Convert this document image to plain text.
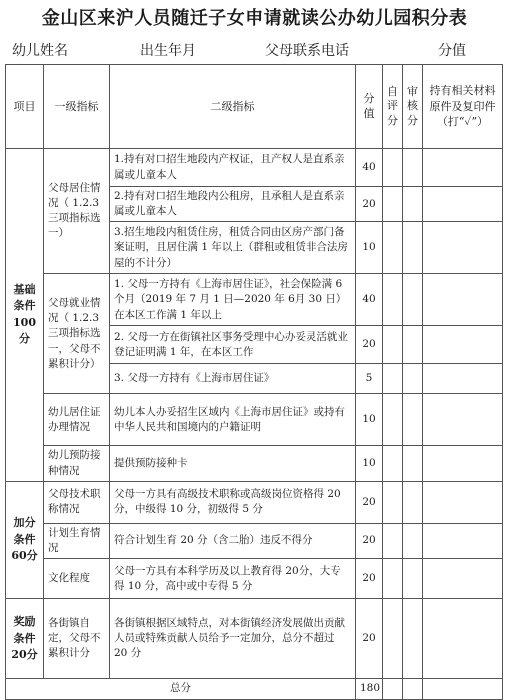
金山区来沪人员随迁子女申请就读公办幼儿园积分表
幼儿姓名	出生年月	父母联系电话	分值
项目	一级指标	二级指标	分值	自评分	审核分	持有相关材料原件及复印件（打“✓”）
基础条件100分	父母居住情况（ 1.2.3三项指标选一）	1.持有对口招生地段内产权证，且产权人是直系亲属或儿童本人	40			
		2.持有对口招生地段内公租房，且承租人是直系亲属或儿童本人	20			
		3.招生地段内租赁住房，租赁合同由区房产部门备案证明，且居住满 1 年以上（群租或租赁非合法房屋的不计分）	10			
	父母就业情况（ 1.2.3三项指标选一，父母不累积计分）	1. 父母一方持有《上海市居住证》，社会保险满 6 个月（2019 年 7 月 1 日—2020 年 6月 30 日）在本区工作满 1 年以上	40			
		2. 父母一方在街镇社区事务受理中心办妥灵活就业登记证明满 1 年，在本区工作	20			
		3. 父母一方持有《上海市居住证》	5			
	幼儿居住证办理情况	幼儿本人办妥招生区域内《上海市居住证》或持有中华人民共和国境内的户籍证明	10			
	幼儿预防接种情况	提供预防接种卡	10			
加分条件60分	父母技术职称情况	父母一方具有高级技术职称或高级岗位资格得 20 分，中级得 10 分，初级得 5 分	20			
	计划生育情况	符合计划生育 20 分（含二胎）违反不得分	20			
	文化程度	父母一方具有本科学历及以上教育得 20分，大专得 10 分，高中或中专得 5 分	20			
奖励条件20分	各街镇自定，父母不累积计分	各街镇根据区域特点，对本街镇经济发展做出贡献人员或特殊贡献人员给予一定加分，总分不超过 20 分	20			
总分			180			
